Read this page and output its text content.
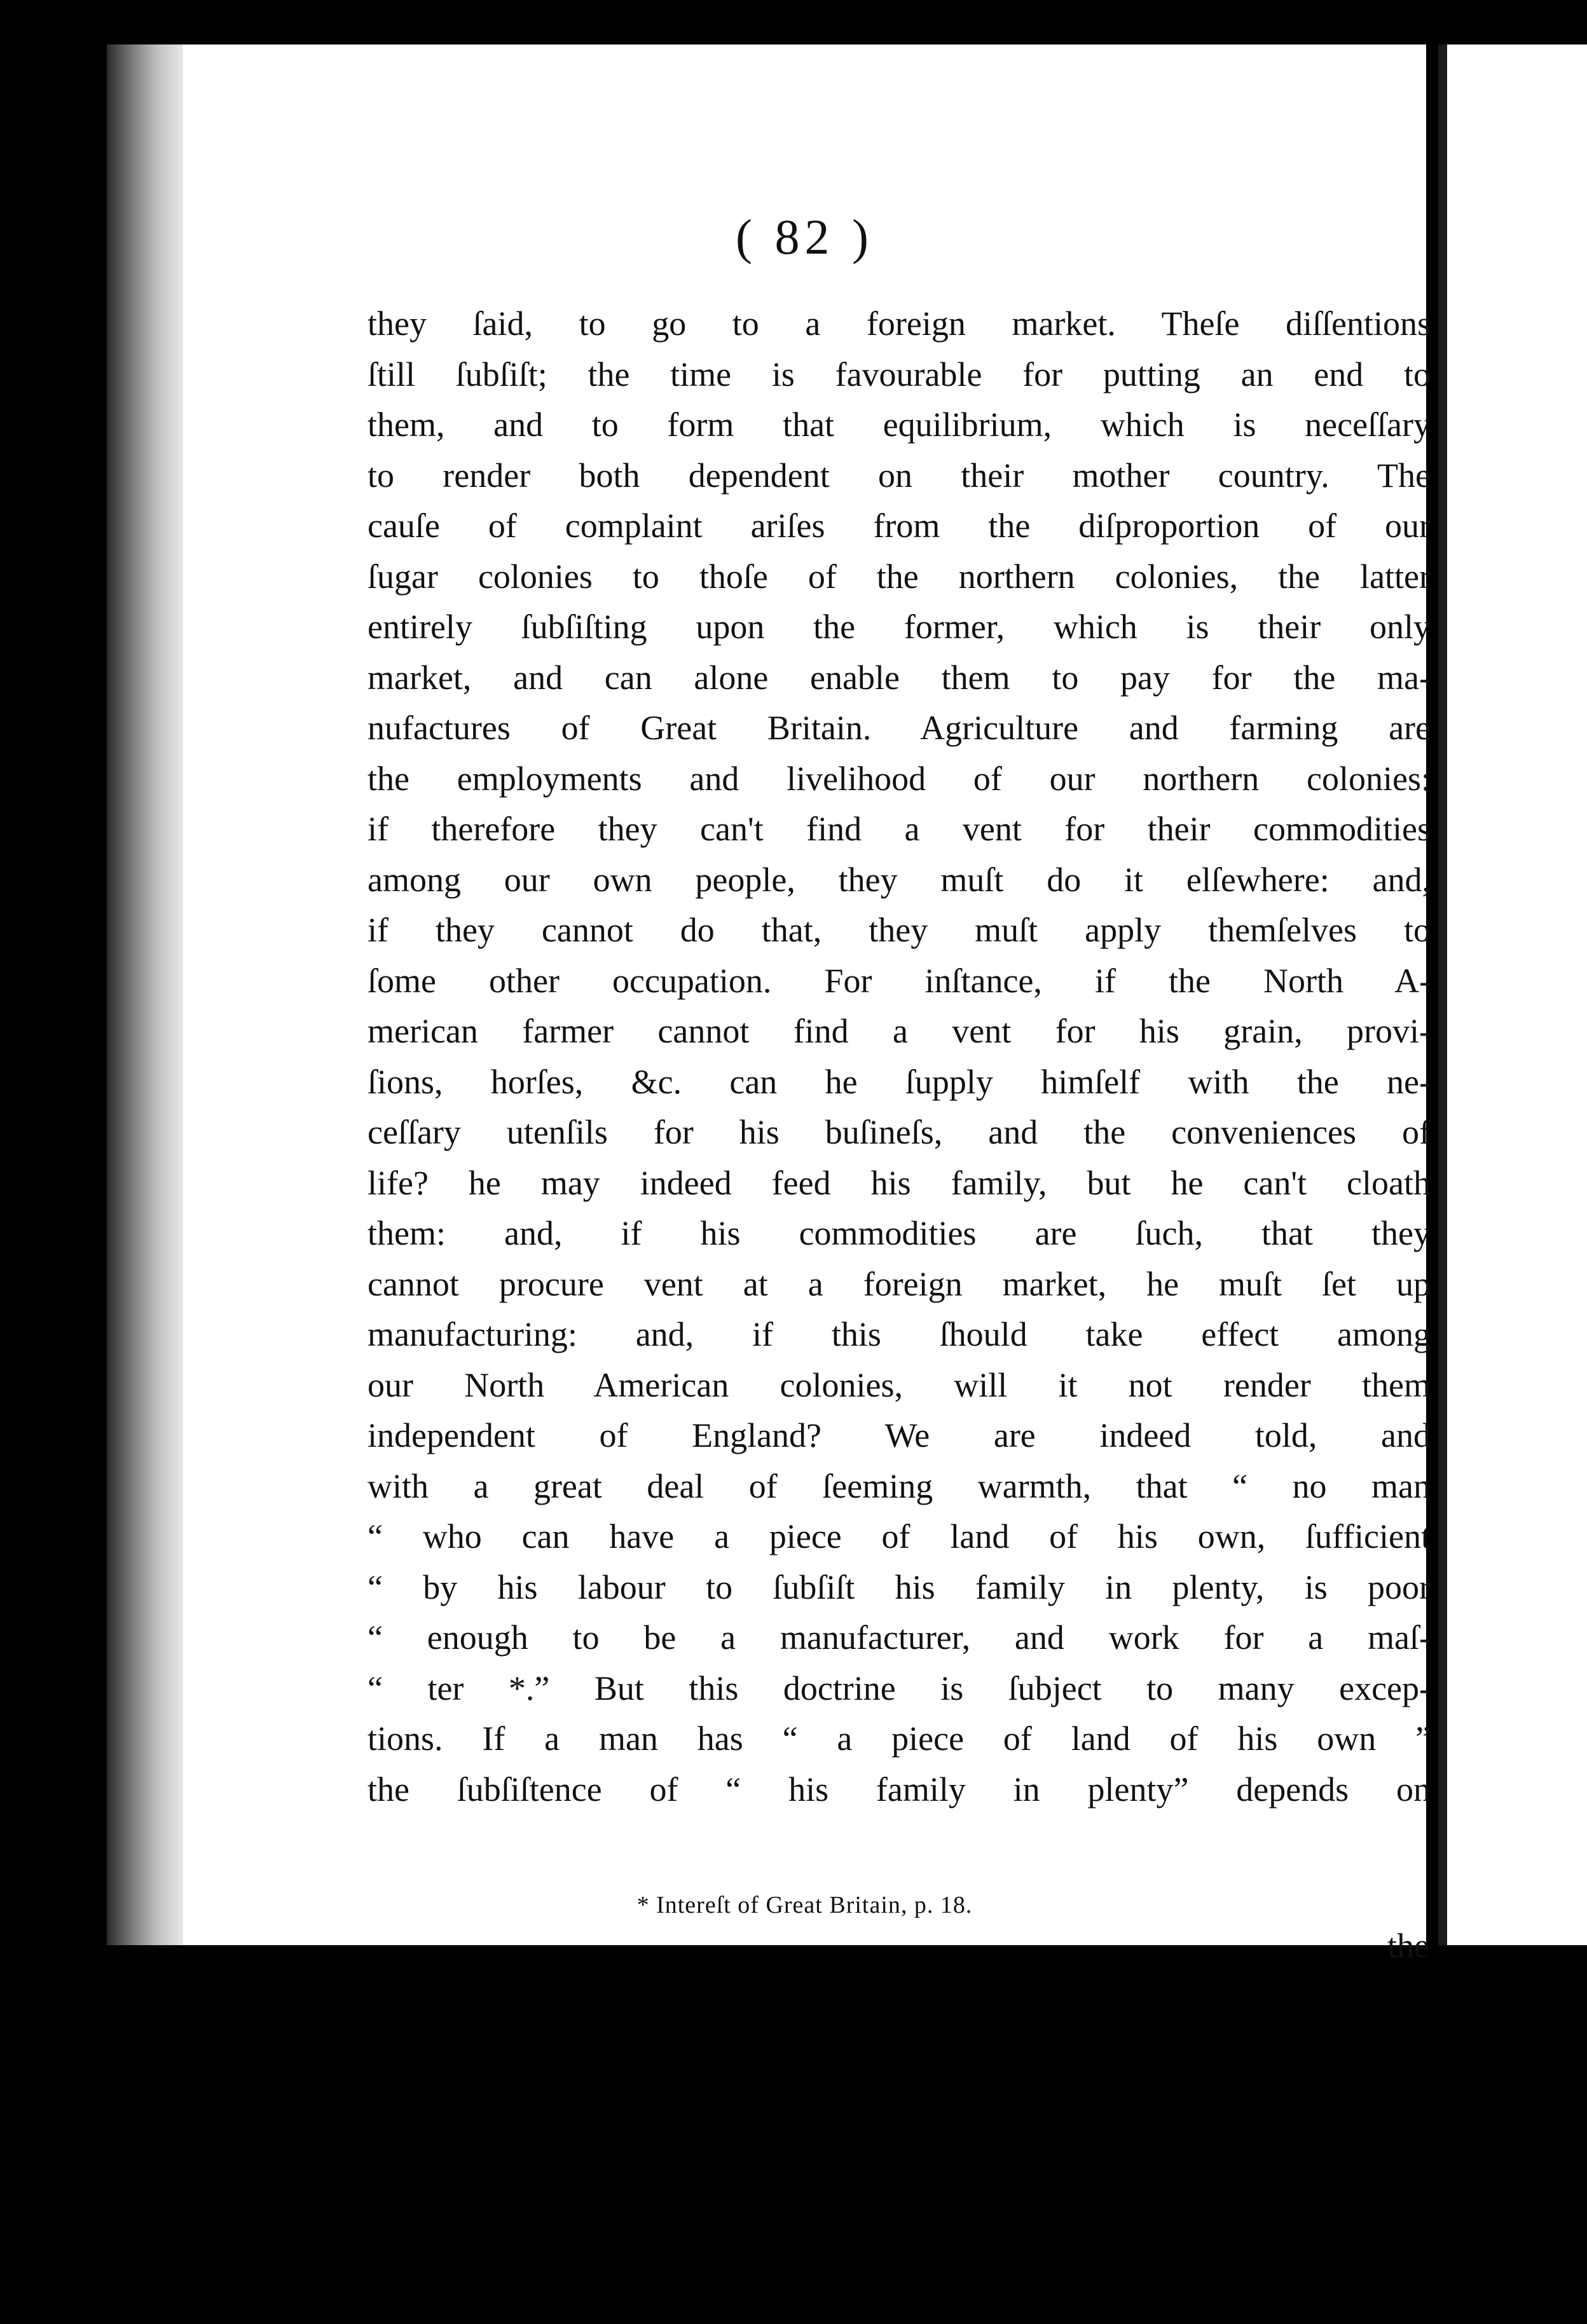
( 82 )
they ſaid, to go to a foreign market. Theſe diſſentions
ſtill ſubſiſt; the time is favourable for putting an end to
them, and to form that equilibrium, which is neceſſary
to render both dependent on their mother country. The
cauſe of complaint ariſes from the diſproportion of our
ſugar colonies to thoſe of the northern colonies, the latter
entirely ſubſiſting upon the former, which is their only
market, and can alone enable them to pay for the ma-
nufactures of Great Britain. Agriculture and farming are
the employments and livelihood of our northern colonies:
if therefore they can't find a vent for their commodities
among our own people, they muſt do it elſewhere: and,
if they cannot do that, they muſt apply themſelves to
ſome other occupation. For inſtance, if the North A-
merican farmer cannot find a vent for his grain, provi-
ſions, horſes, &c. can he ſupply himſelf with the ne-
ceſſary utenſils for his buſineſs, and the conveniences of
life? he may indeed feed his family, but he can't cloath
them: and, if his commodities are ſuch, that they
cannot procure vent at a foreign market, he muſt ſet up
manufacturing: and, if this ſhould take effect among
our North American colonies, will it not render them
independent of England? We are indeed told, and
with a great deal of ſeeming warmth, that “ no man
“ who can have a piece of land of his own, ſufficient
“ by his labour to ſubſiſt his family in plenty, is poor
“ enough to be a manufacturer, and work for a maſ-
“ ter *.” But this doctrine is ſubject to many excep-
tions. If a man has “ a piece of land of his own ”
the ſubſiſtence of “ his family in plenty” depends on
* Intereſt of Great Britain, p. 18.
the
